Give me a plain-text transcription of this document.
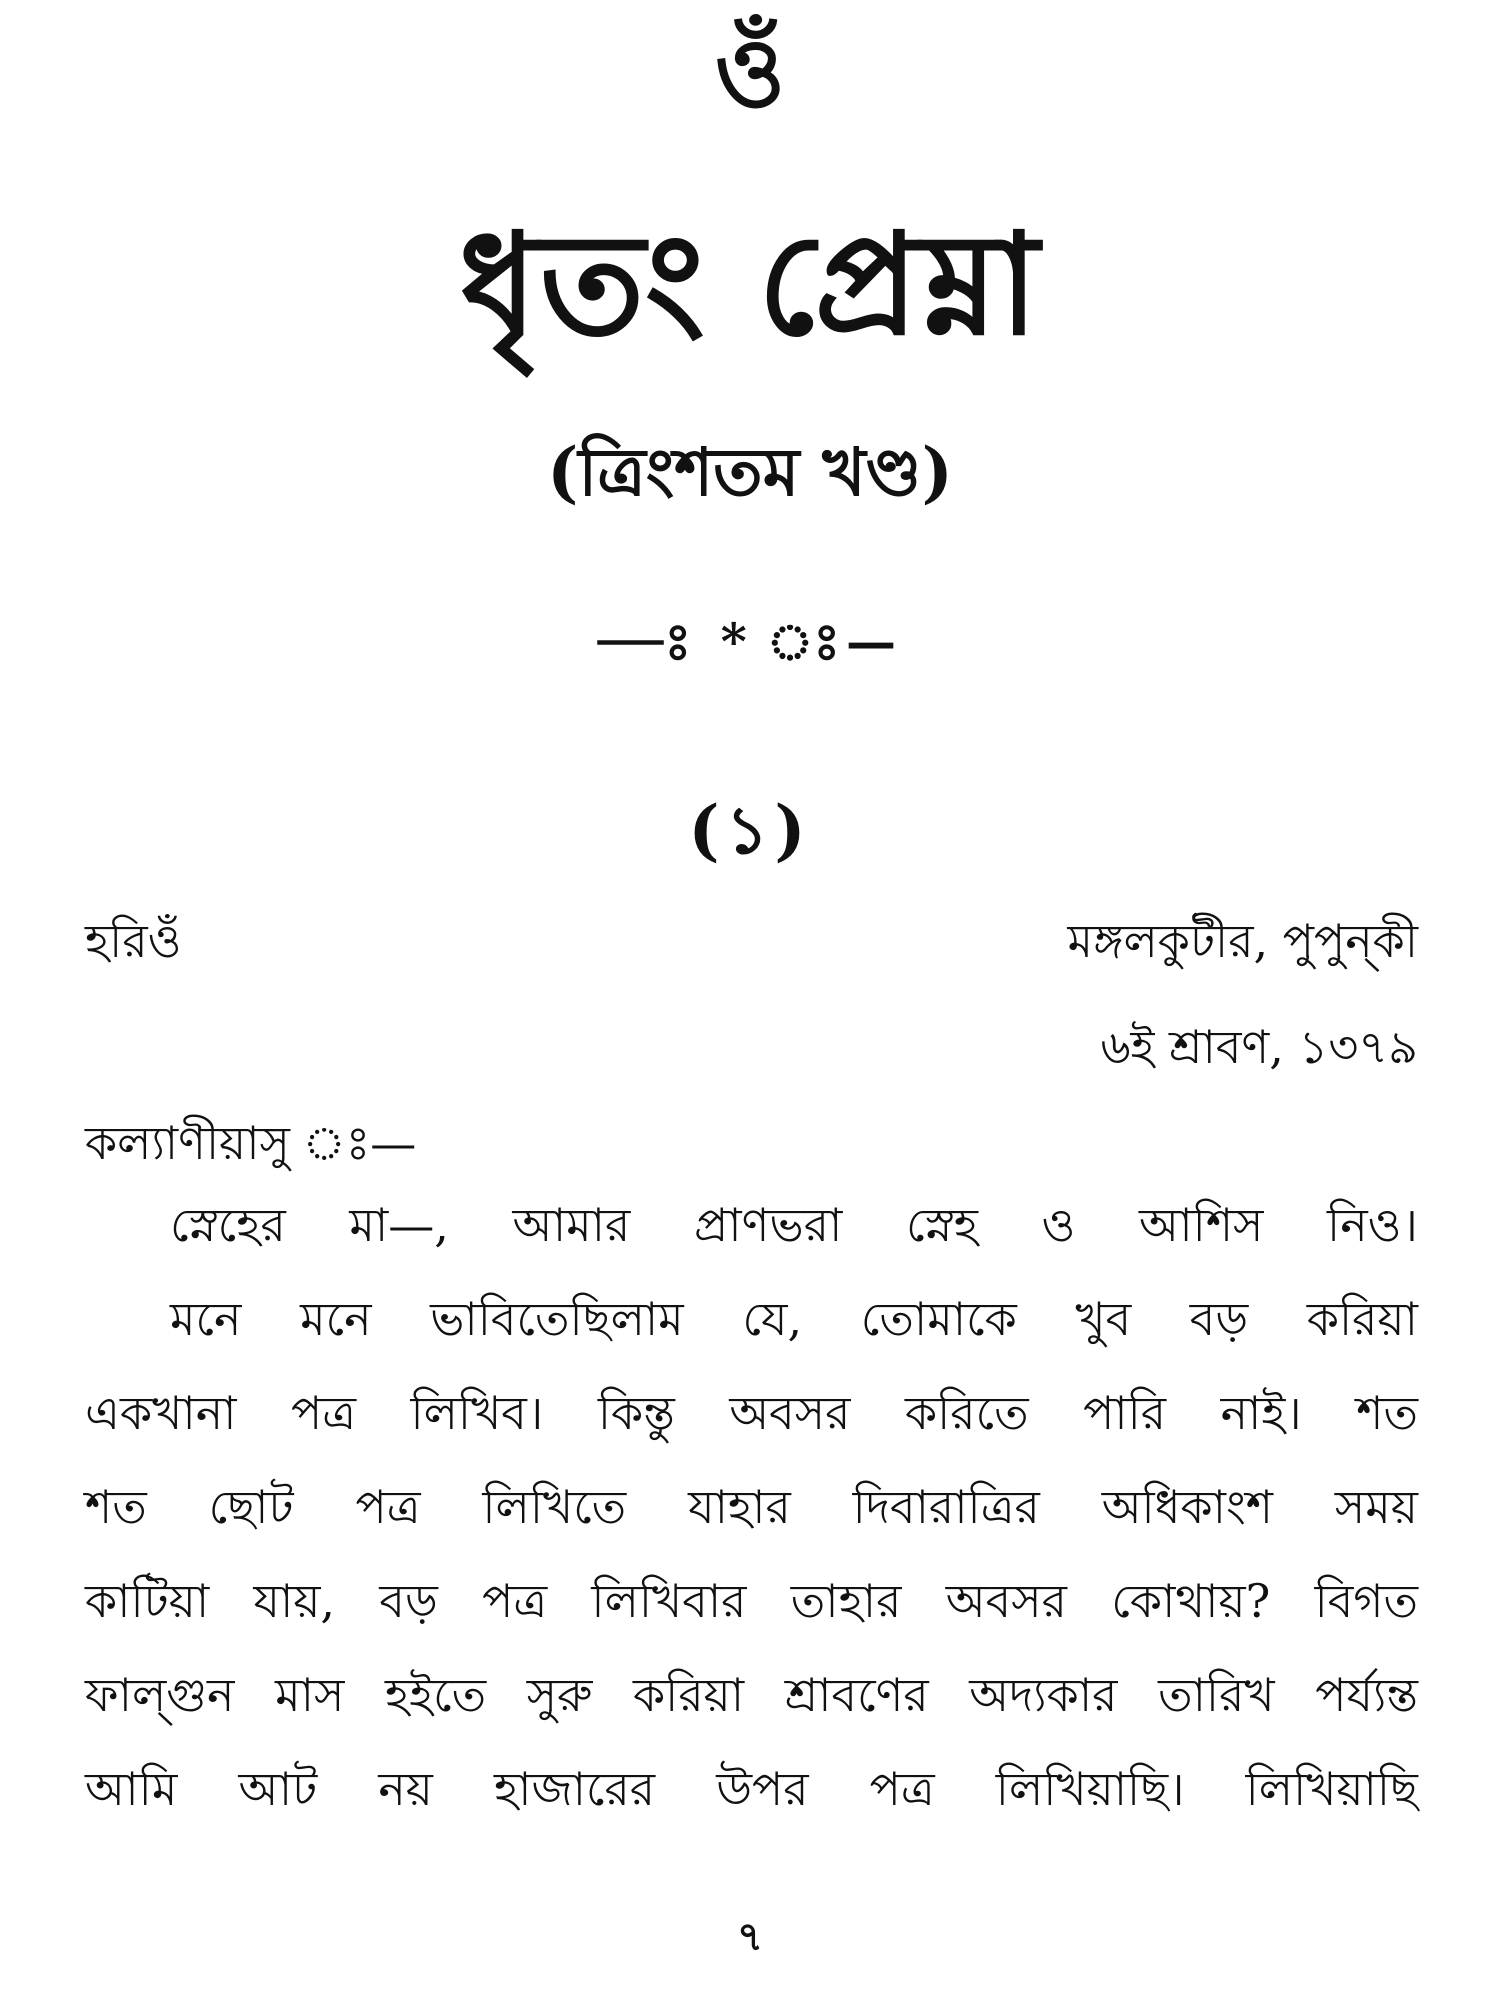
ওঁ
ধৃতং প্রেম্না
(ত্রিংশতম খণ্ড)
—ঃ * ঃ—
(১)
হরিওঁ	মঙ্গলকুটীর, পুপুন্‌কী
৬ই শ্রাবণ, ১৩৭৯
কল্যাণীয়াসু ঃ—
স্নেহের মা—, আমার প্রাণভরা স্নেহ ও আশিস নিও।
মনে মনে ভাবিতেছিলাম যে, তোমাকে খুব বড় করিয়া
একখানা পত্র লিখিব। কিন্তু অবসর করিতে পারি নাই। শত
শত ছোট পত্র লিখিতে যাহার দিবারাত্রির অধিকাংশ সময়
কাটিয়া যায়, বড় পত্র লিখিবার তাহার অবসর কোথায়? বিগত
ফাল্গুন মাস হইতে সুরু করিয়া শ্রাবণের অদ্যকার তারিখ পর্য্যন্ত
আমি আট নয় হাজারের উপর পত্র লিখিয়াছি। লিখিয়াছি
৭
